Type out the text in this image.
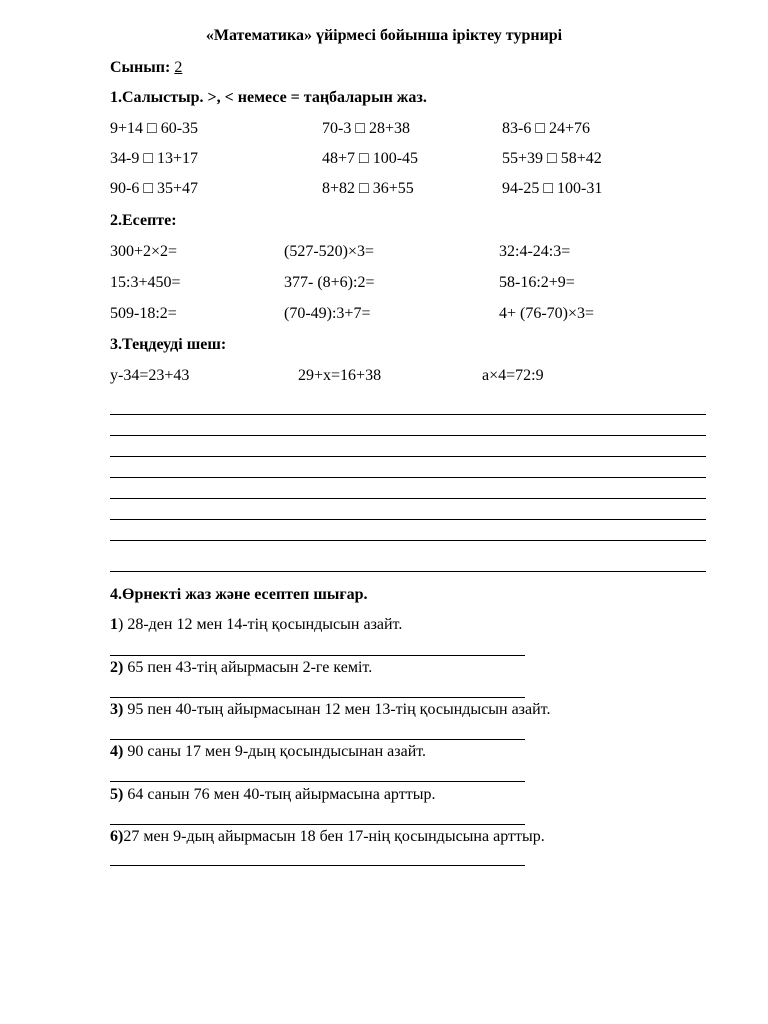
«Математика» үйірмесі бойынша іріктеу турнирі
Сынып: 2
1.Салыстыр. >, < немесе = таңбаларын жаз.
9+14 □ 60-35	70-3 □ 28+38	83-6 □ 24+76
34-9 □ 13+17	48+7 □ 100-45	55+39 □ 58+42
90-6 □ 35+47	8+82 □ 36+55	94-25 □ 100-31
2.Есепте:
300+2×2=	(527-520)×3=	32:4-24:3=
15:3+450=	377- (8+6):2=	58-16:2+9=
509-18:2=	(70-49):3+7=	4+ (76-70)×3=
3.Теңдеуді шеш:
у-34=23+43	29+х=16+38	а×4=72:9
4.Өрнекті жаз және есептеп шығар.
1) 28-ден 12 мен 14-тің қосындысын азайт.
2) 65 пен 43-тің айырмасын 2-ге кеміт.
3) 95 пен 40-тың айырмасынан 12 мен 13-тің қосындысын азайт.
4) 90 саны 17 мен 9-дың қосындысынан азайт.
5) 64 санын 76 мен 40-тың айырмасына арттыр.
6)27 мен 9-дың айырмасын 18 бен 17-нің қосындысына арттыр.
